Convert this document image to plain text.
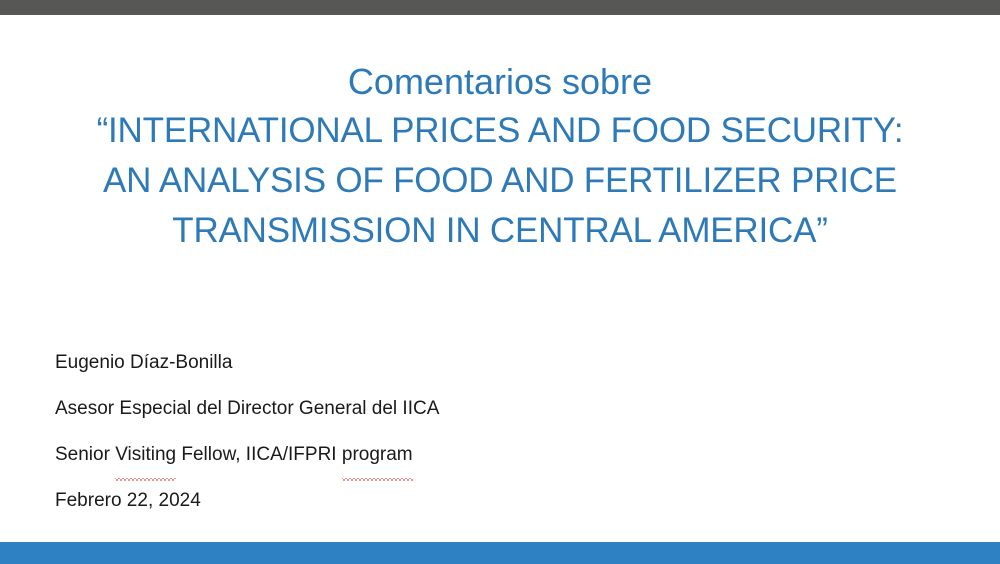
Comentarios sobre
“INTERNATIONAL PRICES AND FOOD SECURITY:
AN ANALYSIS OF FOOD AND FERTILIZER PRICE
TRANSMISSION IN CENTRAL AMERICA”
Eugenio Díaz-Bonilla
Asesor Especial del Director General del IICA
Senior Visiting Fellow, IICA/IFPRI program
Febrero 22, 2024
